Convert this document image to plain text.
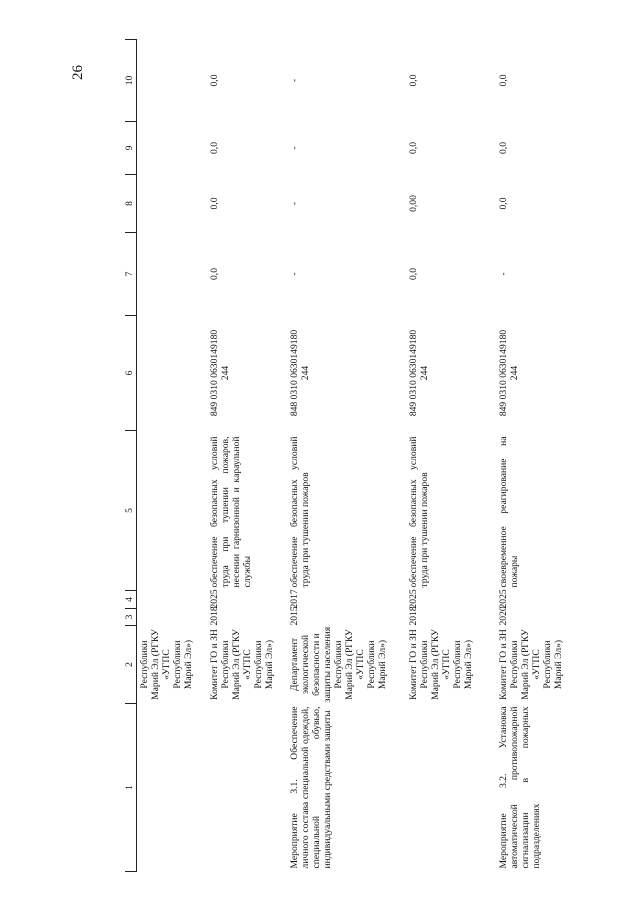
26
1	2	3	4	5	6	7	8	9	10
	Республики Марий Эл (РГКУ «УГПС Республики Марий Эл»)								
	Комитет ГО и ЗН Республики Марий Эл (РГКУ «УГПС Республики Марий Эл»)	2018	2025	обеспечение безопасных условий труда при тушении пожаров, несении гарнизонной и караульной службы	849 0310 0630149180 244	0,0	0,0	0,0	0,0
Мероприятие 3.1. Обеспечение личного состава специальной одеждой, специальной обувью, индивидуальными средствами защиты	Департамент экологической безопасности и защиты населения Республики Марий Эл (РГКУ «УГПС Республики Марий Эл»)	2015	2017	обеспечение безопасных условий труда при тушении пожаров	848 0310 0630149180 244	-	-	-	-
	Комитет ГО и ЗН Республики Марий Эл (РГКУ «УГПС Республики Марий Эл»)	2018	2025	обеспечение безопасных условий труда при тушении пожаров	849 0310 0630149180 244	0,0	0,00	0,0	0,0
Мероприятие 3.2. Установка автоматической противопожарной сигнализации в пожарных подразделениях	Комитет ГО и ЗН Республики Марий Эл (РГКУ «УГПС Республики Марий Эл»)	2020	2025	своевременное реагирование на пожары	849 0310 0630149180 244	-	0,0	0,0	0,0
